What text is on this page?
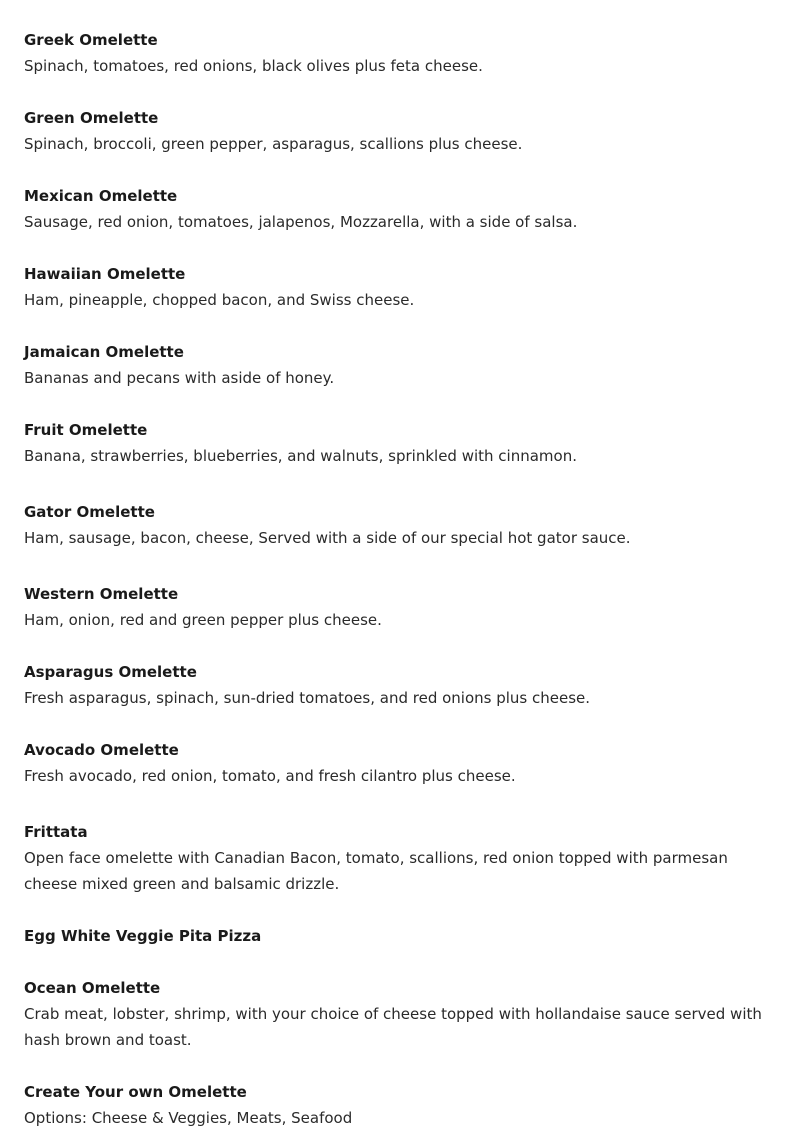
Greek Omelette
Spinach, tomatoes, red onions, black olives plus feta cheese.
Green Omelette
Spinach, broccoli, green pepper, asparagus, scallions plus cheese.
Mexican Omelette
Sausage, red onion, tomatoes, jalapenos, Mozzarella, with a side of salsa.
Hawaiian Omelette
Ham, pineapple, chopped bacon, and Swiss cheese.
Jamaican Omelette
Bananas and pecans with aside of honey.
Fruit Omelette
Banana, strawberries, blueberries, and walnuts, sprinkled with cinnamon.
Gator Omelette
Ham, sausage, bacon, cheese, Served with a side of our special hot gator sauce.
Western Omelette
Ham, onion, red and green pepper plus cheese.
Asparagus Omelette
Fresh asparagus, spinach, sun-dried tomatoes, and red onions plus cheese.
Avocado Omelette
Fresh avocado, red onion, tomato, and fresh cilantro plus cheese.
Frittata
Open face omelette with Canadian Bacon, tomato, scallions, red onion topped with parmesan cheese mixed green and balsamic drizzle.
Egg White Veggie Pita Pizza
Ocean Omelette
Crab meat, lobster, shrimp, with your choice of cheese topped with hollandaise sauce served with hash brown and toast.
Create Your own Omelette
Options: Cheese & Veggies, Meats, Seafood
